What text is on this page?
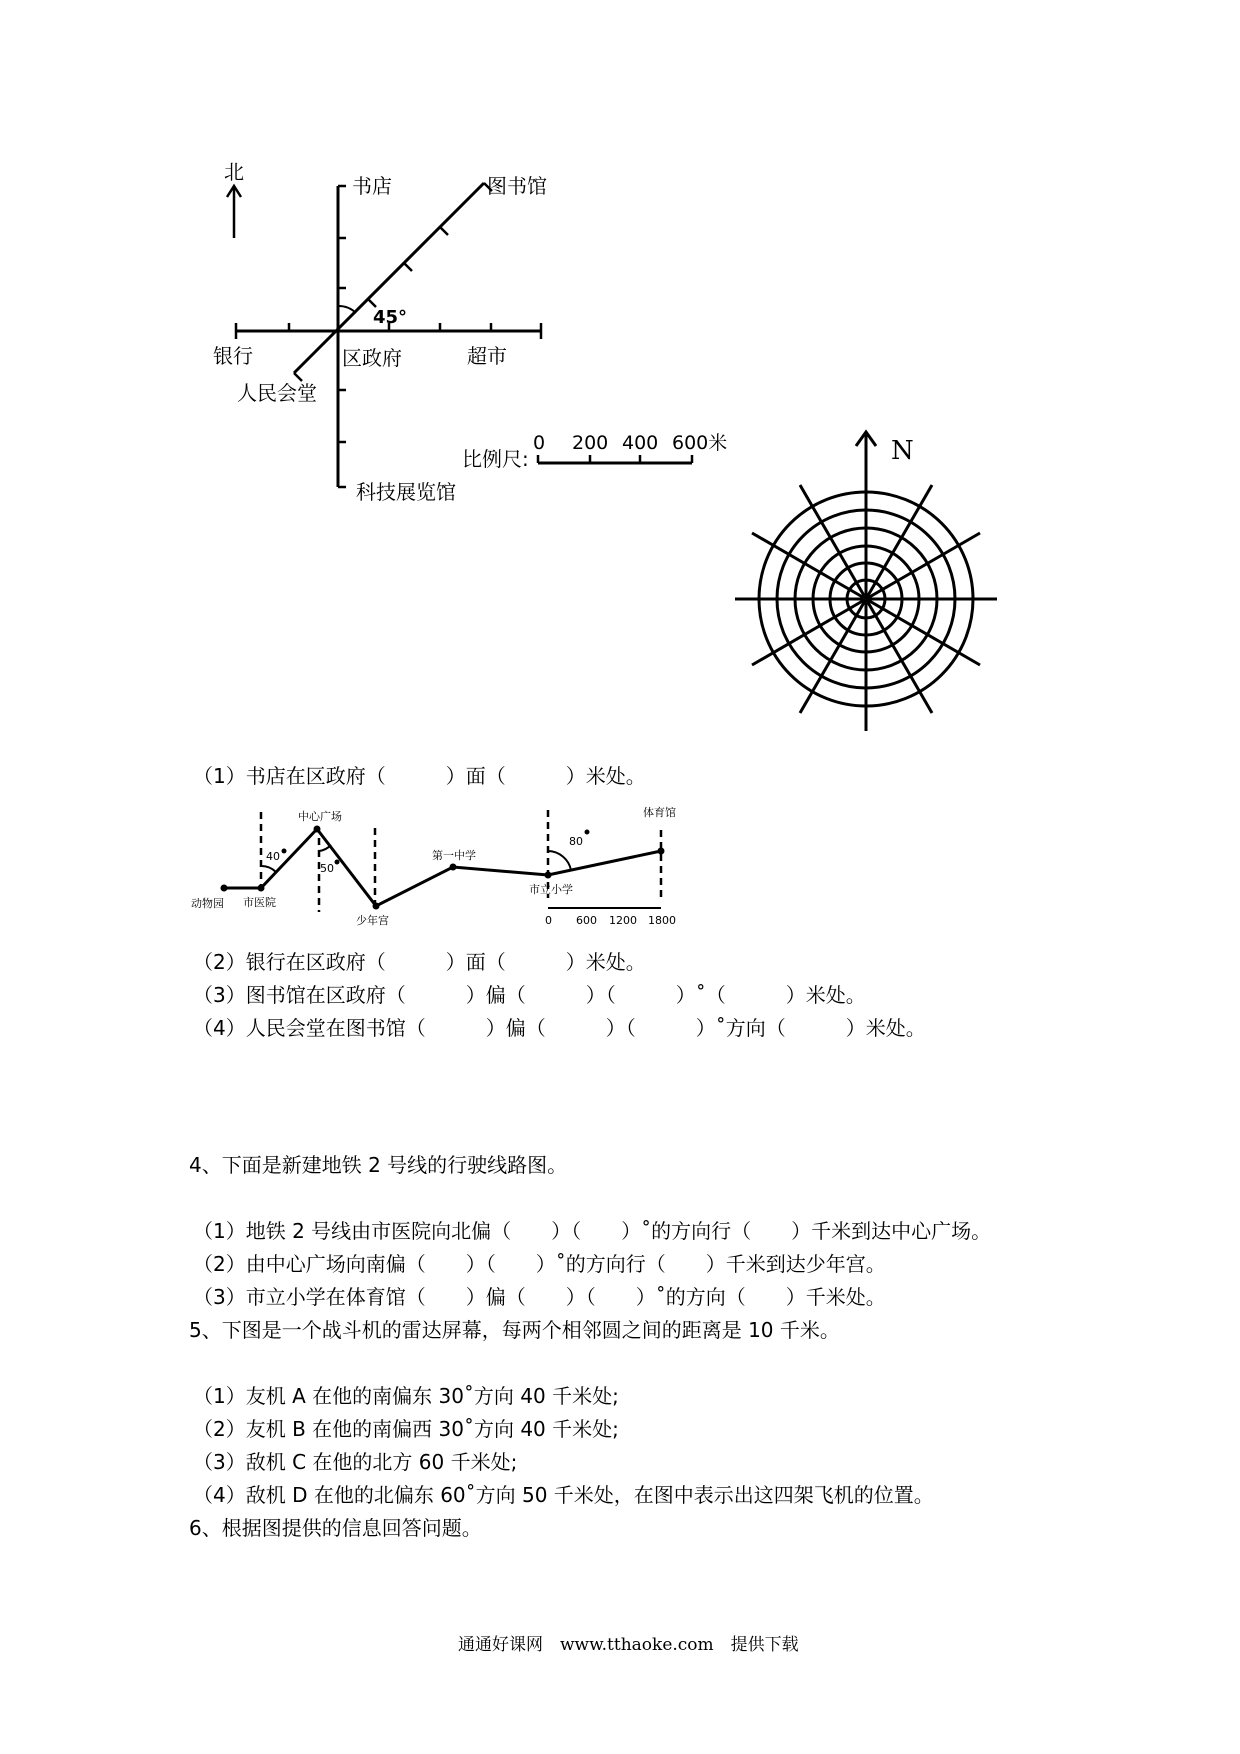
北
书店	图书馆
45°
银行	区政府	超市
人民会堂
科技展览馆
比例尺:
0 200 400 600米	N
（1）书店在区政府（　　　）面（　　　）米处。
动物园 市医院
中心广场
少年宫
第一中学
市立小学
体育馆
40
50
80
0 600 1200 1800
（2）银行在区政府（　　　）面（　　　）米处。
（3）图书馆在区政府（　　　）偏（　　　）（　　　）˚（　　　）米处。
（4）人民会堂在图书馆（　　　）偏（　　　）（　　　）˚方向（　　　）米处。
4、下面是新建地铁 2 号线的行驶线路图。
（1）地铁 2 号线由市医院向北偏（　　）（　　）˚的方向行（　　）千米到达中心广场。
（2）由中心广场向南偏（　　）（　　）˚的方向行（　　）千米到达少年宫。
（3）市立小学在体育馆（　　）偏（　　）（　　）˚的方向（　　）千米处。
5、下图是一个战斗机的雷达屏幕，每两个相邻圆之间的距离是 10 千米。
（1）友机 A 在他的南偏东 30˚方向 40 千米处;
（2）友机 B 在他的南偏西 30˚方向 40 千米处;
（3）敌机 C 在他的北方 60 千米处;
（4）敌机 D 在他的北偏东 60˚方向 50 千米处，在图中表示出这四架飞机的位置。
6、根据图提供的信息回答问题。
通通好课网　www.tthaoke.com　提供下载
